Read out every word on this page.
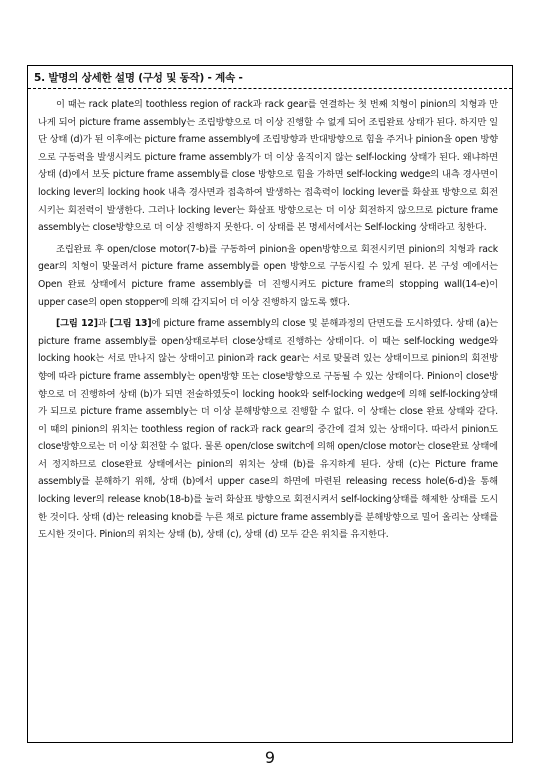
5. 발명의 상세한 설명 (구성 및 동작) - 계속 -

이 때는 rack plate의 toothless region of rack과 rack gear를 연결하는 첫 번째 치형이 pinion의 치형과 만나게 되어 picture frame assembly는 조립방향으로 더 이상 진행할 수 없게 되어 조립완료 상태가 된다. 하지만 일단 상태 (d)가 된 이후에는 picture frame assembly에 조립방향과 반대방향으로 힘을 주거나 pinion을 open 방향으로 구동력을 발생시켜도 picture frame assembly가 더 이상 움직이지 않는 self-locking 상태가 된다. 왜냐하면 상태 (d)에서 보듯 picture frame assembly를 close 방향으로 힘을 가하면 self-locking wedge의 내측 경사면이 locking lever의 locking hook 내측 경사면과 접촉하여 발생하는 접촉력이 locking lever를 화살표 방향으로 회전시키는 회전력이 발생한다. 그러나 locking lever는 화살표 방향으로는 더 이상 회전하지 않으므로 picture frame assembly는 close방향으로 더 이상 진행하지 못한다. 이 상태를 본 명세서에서는 Self-locking 상태라고 칭한다.

조립완료 후 open/close motor(7-b)를 구동하여 pinion을 open방향으로 회전시키면 pinion의 치형과 rack gear의 치형이 맞물려서 picture frame assembly를 open 방향으로 구동시킬 수 있게 된다. 본 구성 예에서는 Open 완료 상태에서 picture frame assembly를 더 진행시켜도 picture frame의 stopping wall(14-e)이 upper case의 open stopper에 의해 감지되어 더 이상 진행하지 않도록 했다.

[그림 12]과 [그림 13]에 picture frame assembly의 close 및 분해과정의 단면도를 도시하였다. 상태 (a)는 picture frame assembly를 open상태로부터 close상태로 진행하는 상태이다. 이 때는 self-locking wedge와 locking hook는 서로 만나지 않는 상태이고 pinion과 rack gear는 서로 맞물려 있는 상태이므로 pinion의 회전방향에 따라 picture frame assembly는 open방향 또는 close방향으로 구동될 수 있는 상태이다. Pinion이 close방향으로 더 진행하여 상태 (b)가 되면 전술하였듯이 locking hook와 self-locking wedge에 의해 self-locking상태가 되므로 picture frame assembly는 더 이상 분해방향으로 진행할 수 없다. 이 상태는 close 완료 상태와 같다. 이 때의 pinion의 위치는 toothless region of rack과 rack gear의 중간에 걸쳐 있는 상태이다. 따라서 pinion도 close방향으로는 더 이상 회전할 수 없다. 물론 open/close switch에 의해 open/close motor는 close완료 상태에서 정지하므로 close완료 상태에서는 pinion의 위치는 상태 (b)를 유지하게 된다. 상태 (c)는 Picture frame assembly를 분해하기 위해, 상태 (b)에서 upper case의 하면에 마련된 releasing recess hole(6-d)을 통해 locking lever의 release knob(18-b)를 눌러 화살표 방향으로 회전시켜서 self-locking상태를 해제한 상태를 도시한 것이다. 상태 (d)는 releasing knob를 누른 채로 picture frame assembly를 분해방향으로 밀어 올리는 상태를 도시한 것이다. Pinion의 위치는 상태 (b), 상태 (c), 상태 (d) 모두 같은 위치를 유지한다.

9
